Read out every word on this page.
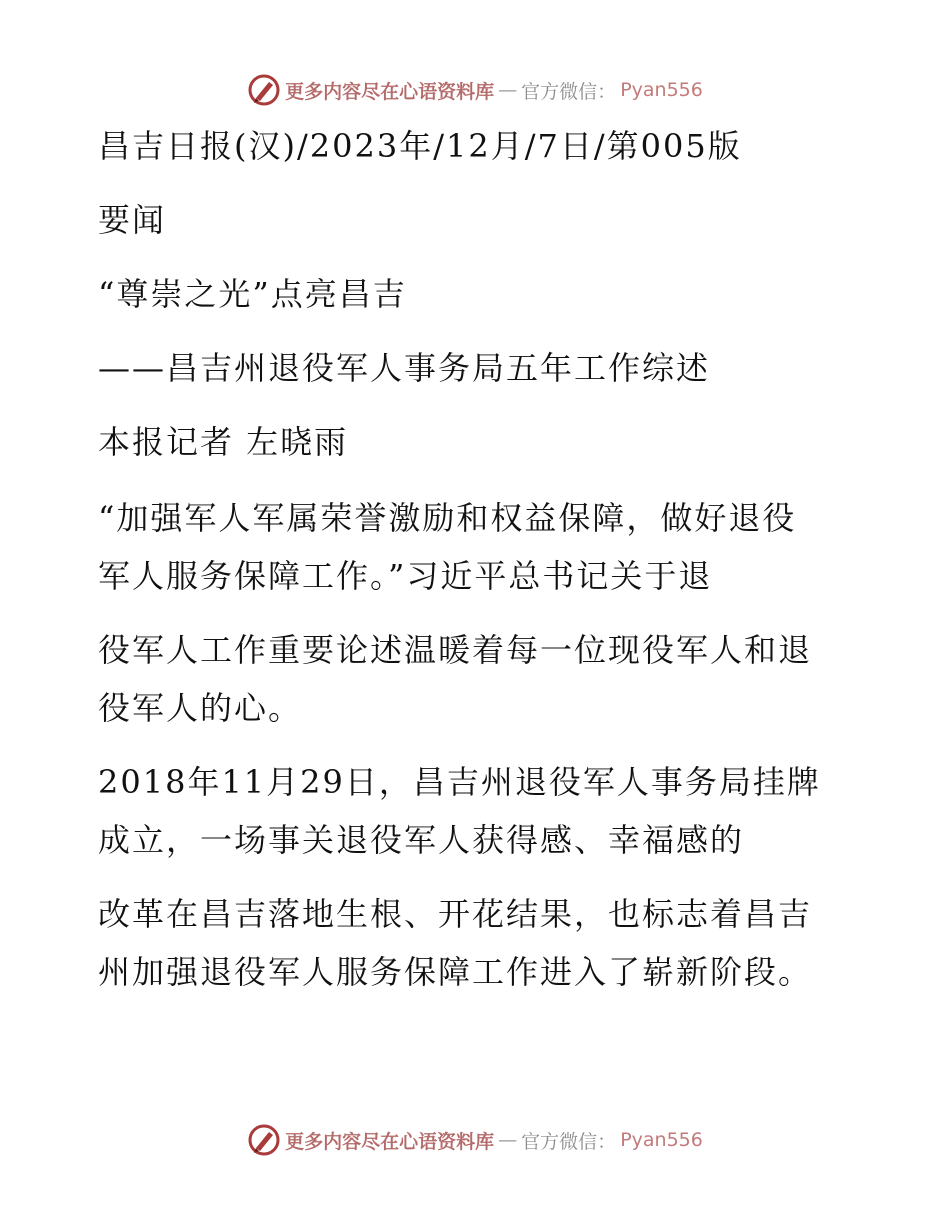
更多内容尽在心语资料库 — 官方微信： Pyan556

昌吉日报(汉)/2023年/12月/7日/第005版

要闻

“尊崇之光”点亮昌吉

——昌吉州退役军人事务局五年工作综述

本报记者 左晓雨

“加强军人军属荣誉激励和权益保障，做好退役

军人服务保障工作。”习近平总书记关于退

役军人工作重要论述温暖着每一位现役军人和退

役军人的心。

2018年11月29日，昌吉州退役军人事务局挂牌

成立，一场事关退役军人获得感、幸福感的

改革在昌吉落地生根、开花结果，也标志着昌吉

州加强退役军人服务保障工作进入了崭新阶段。

更多内容尽在心语资料库 — 官方微信： Pyan556
